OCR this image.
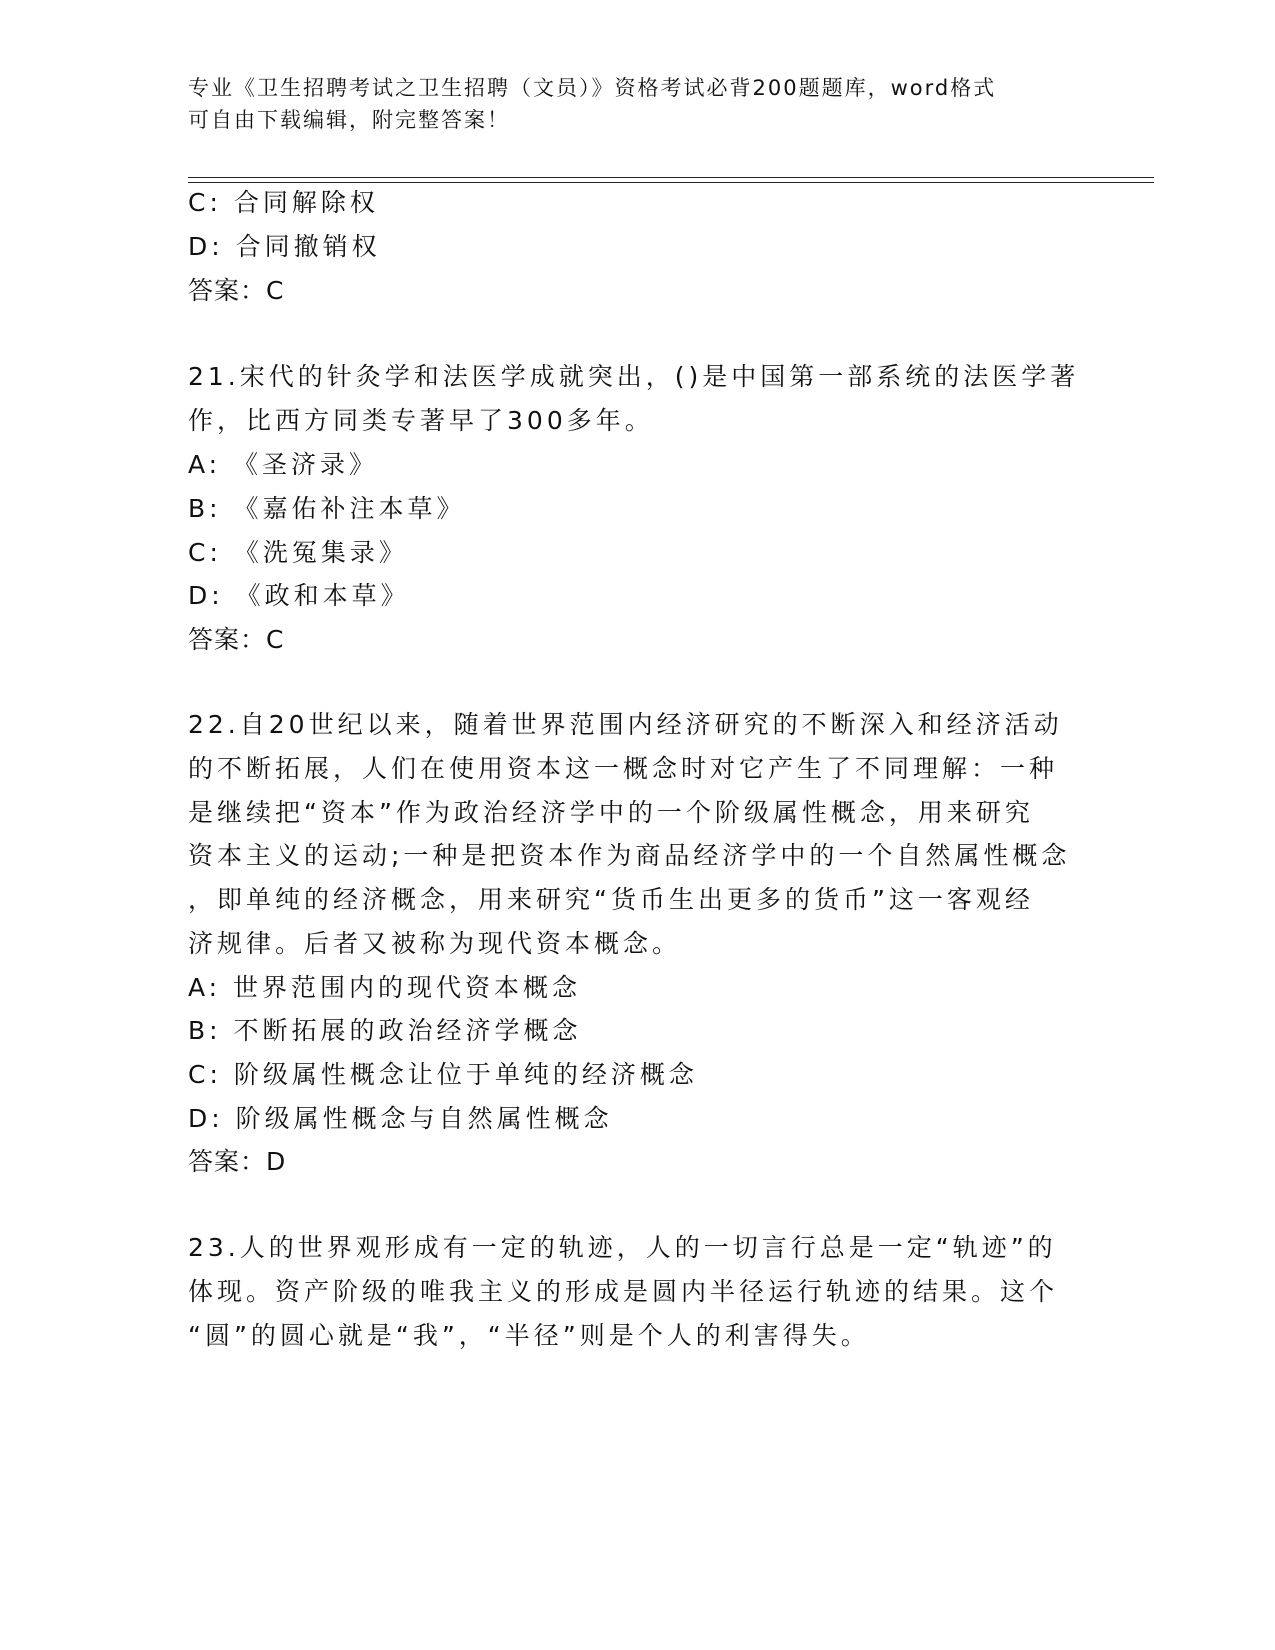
专业《卫生招聘考试之卫生招聘（文员）》资格考试必背200题题库，word格式
可自由下载编辑，附完整答案！
C: 合同解除权
D: 合同撤销权
答案：C
21.宋代的针灸学和法医学成就突出，()是中国第一部系统的法医学著
作，比西方同类专著早了300多年。
A: 《圣济录》
B: 《嘉佑补注本草》
C: 《洗冤集录》
D: 《政和本草》
答案：C
22.自20世纪以来，随着世界范围内经济研究的不断深入和经济活动
的不断拓展，人们在使用资本这一概念时对它产生了不同理解：一种
是继续把“资本”作为政治经济学中的一个阶级属性概念，用来研究
资本主义的运动;一种是把资本作为商品经济学中的一个自然属性概念
，即单纯的经济概念，用来研究“货币生出更多的货币”这一客观经
济规律。后者又被称为现代资本概念。
A: 世界范围内的现代资本概念
B: 不断拓展的政治经济学概念
C: 阶级属性概念让位于单纯的经济概念
D: 阶级属性概念与自然属性概念
答案：D
23.人的世界观形成有一定的轨迹，人的一切言行总是一定“轨迹”的
体现。资产阶级的唯我主义的形成是圆内半径运行轨迹的结果。这个
“圆”的圆心就是“我”，“半径”则是个人的利害得失。
